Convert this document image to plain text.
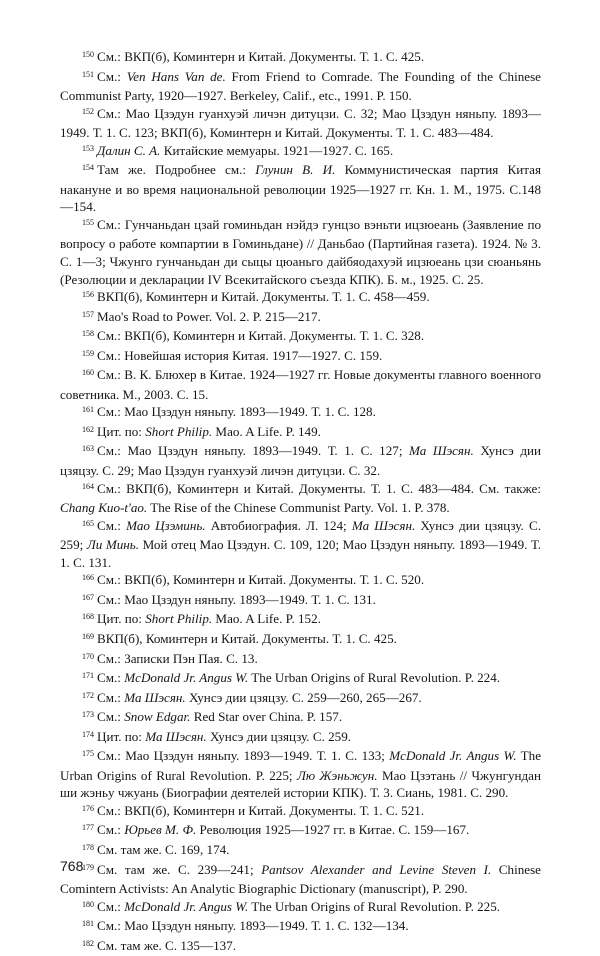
$^{150}$ См.: ВКП(б), Коминтерн и Китай. Документы. Т. 1. С. 425.

$^{151}$ См.: Ven Hans Van de. From Friend to Comrade. The Founding of the Chinese Communist Party, 1920—1927. Berkeley, Calif., etc., 1991. P. 150.

$^{152}$ См.: Мао Цзэдун гуанхуэй личэн дитуцзи. С. 32; Мао Цзэдун няньпу. 1893—1949. Т. 1. С. 123; ВКП(б), Коминтерн и Китай. Документы. Т. 1. С. 483—484.

$^{153}$ Далин С. А. Китайские мемуары. 1921—1927. С. 165.

$^{154}$ Там же. Подробнее см.: Глунин В. И. Коммунистическая партия Китая накануне и во время национальной революции 1925—1927 гг. Кн. 1. М., 1975. С.148—154.

$^{155}$ См.: Гунчаньдан цзай гоминьдан нэйдэ гунцзо вэньти ицзюеань (Заявление по вопросу о работе компартии в Гоминьдане) // Даньбао (Партийная газета). 1924. № 3. С. 1—3; Чжунго гунчаньдан ди сыцы цюаньго дайбяодахуэй ицзюеань цзи сюаньянь (Резолюции и декларации IV Всекитайского съезда КПК). Б. м., 1925. С. 25.

$^{156}$ ВКП(б), Коминтерн и Китай. Документы. Т. 1. С. 458—459.

$^{157}$ Mao's Road to Power. Vol. 2. P. 215—217.

$^{158}$ См.: ВКП(б), Коминтерн и Китай. Документы. Т. 1. С. 328.

$^{159}$ См.: Новейшая история Китая. 1917—1927. С. 159.

$^{160}$ См.: В. К. Блюхер в Китае. 1924—1927 гг. Новые документы главного военного советника. М., 2003. С. 15.

$^{161}$ См.: Мао Цзэдун няньпу. 1893—1949. Т. 1. С. 128.

$^{162}$ Цит. по: Short Philip. Mao. A Life. P. 149.

$^{163}$ См.: Мао Цзэдун няньпу. 1893—1949. Т. 1. С. 127; Ма Шэсян. Хунсэ дии цзяцзу. С. 29; Мао Цзэдун гуанхуэй личэн дитуцзи. С. 32.

$^{164}$ См.: ВКП(б), Коминтерн и Китай. Документы. Т. 1. С. 483—484. См. также: Chang Kuo-t'ao. The Rise of the Chinese Communist Party. Vol. 1. P. 378.

$^{165}$ См.: Мао Цзэминь. Автобиография. Л. 124; Ма Шэсян. Хунсэ дии цзяцзу. С. 259; Ли Минь. Мой отец Мао Цзэдун. С. 109, 120; Мао Цзэдун няньпу. 1893—1949. Т. 1. С. 131.

$^{166}$ См.: ВКП(б), Коминтерн и Китай. Документы. Т. 1. С. 520.

$^{167}$ См.: Мао Цзэдун няньпу. 1893—1949. Т. 1. С. 131.

$^{168}$ Цит. по: Short Philip. Mao. A Life. P. 152.

$^{169}$ ВКП(б), Коминтерн и Китай. Документы. Т. 1. С. 425.

$^{170}$ См.: Записки Пэн Пая. С. 13.

$^{171}$ См.: McDonald Jr. Angus W. The Urban Origins of Rural Revolution. P. 224.

$^{172}$ См.: Ма Шэсян. Хунсэ дии цзяцзу. С. 259—260, 265—267.

$^{173}$ См.: Snow Edgar. Red Star over China. P. 157.

$^{174}$ Цит. по: Ма Шэсян. Хунсэ дии цзяцзу. С. 259.

$^{175}$ См.: Мао Цзэдун няньпу. 1893—1949. Т. 1. С. 133; McDonald Jr. Angus W. The Urban Origins of Rural Revolution. P. 225; Лю Жэньжун. Мао Цзэтань // Чжунгундан ши жэньу чжуань (Биографии деятелей истории КПК). Т. 3. Сиань, 1981. С. 290.

$^{176}$ См.: ВКП(б), Коминтерн и Китай. Документы. Т. 1. С. 521.

$^{177}$ См.: Юрьев М. Ф. Революция 1925—1927 гг. в Китае. С. 159—167.

$^{178}$ См. там же. С. 169, 174.

$^{179}$ См. там же. С. 239—241; Pantsov Alexander and Levine Steven I. Chinese Comintern Activists: An Analytic Biographic Dictionary (manuscript), P. 290.

$^{180}$ См.: McDonald Jr. Angus W. The Urban Origins of Rural Revolution. P. 225.

$^{181}$ См.: Мао Цзэдун няньпу. 1893—1949. Т. 1. С. 132—134.

$^{182}$ См. там же. С. 135—137.

768
